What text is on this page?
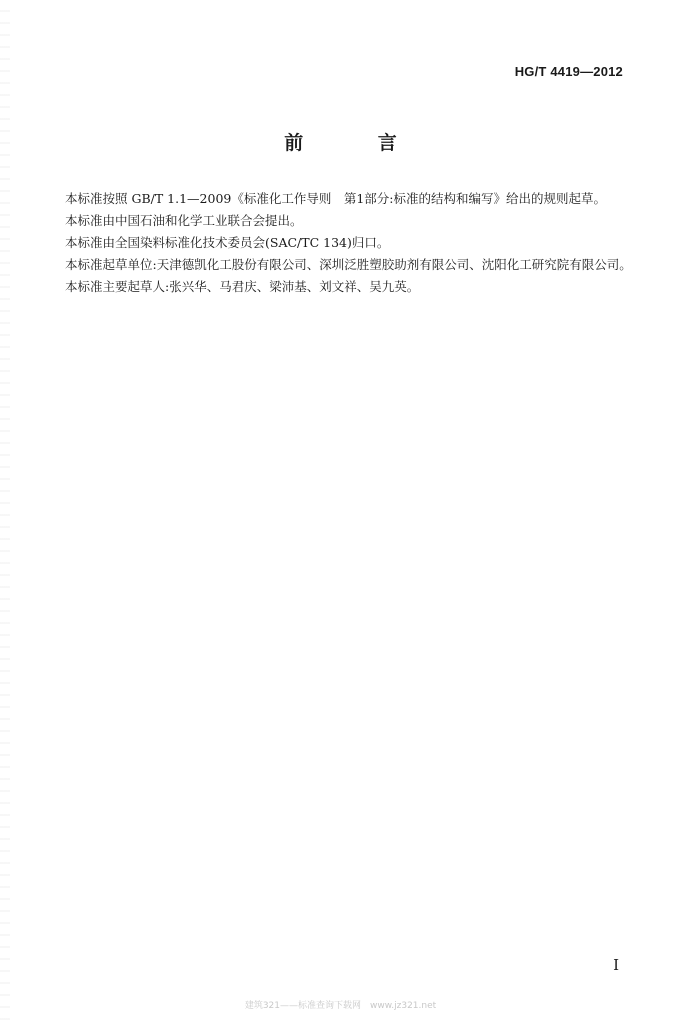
HG/T 4419—2012
前 言

本标准按照 GB/T 1.1—2009《标准化工作导则　第1部分:标准的结构和编写》给出的规则起草。

本标准由中国石油和化学工业联合会提出。

本标准由全国染料标准化技术委员会(SAC/TC 134)归口。

本标准起草单位:天津德凯化工股份有限公司、深圳泛胜塑胶助剂有限公司、沈阳化工研究院有限公司。

本标准主要起草人:张兴华、马君庆、梁沛基、刘文祥、吴九英。

I
建筑321——标准查询下载网　www.jz321.net
